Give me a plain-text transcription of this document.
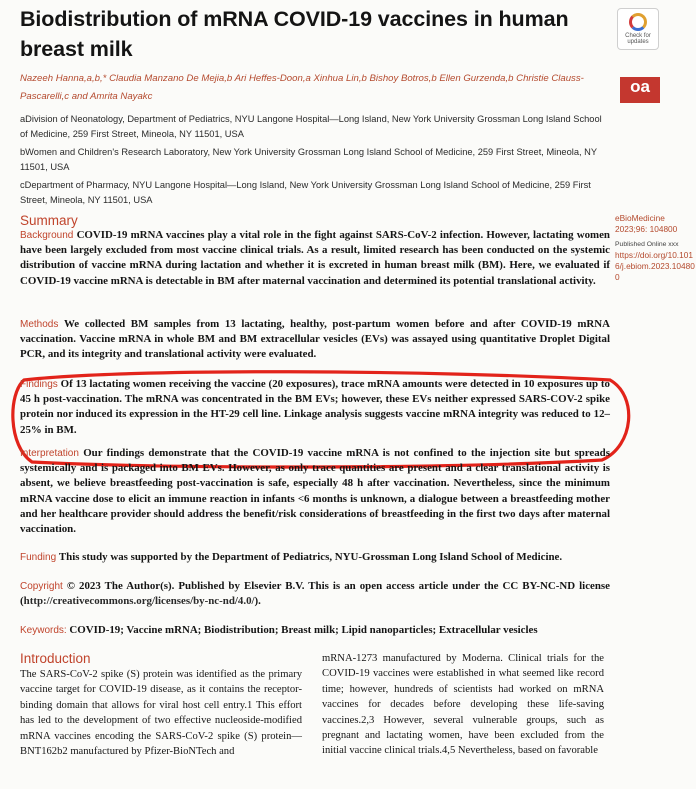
Biodistribution of mRNA COVID-19 vaccines in human breast milk
Check for updates
oa
Nazeeh Hanna,a,b,* Claudia Manzano De Mejia,b Ari Heffes-Doon,a Xinhua Lin,b Bishoy Botros,b Ellen Gurzenda,b Christie Clauss-Pascarelli,c and Amrita Nayakc

aDivision of Neonatology, Department of Pediatrics, NYU Langone Hospital—Long Island, New York University Grossman Long Island School of Medicine, 259 First Street, Mineola, NY 11501, USA

bWomen and Children's Research Laboratory, New York University Grossman Long Island School of Medicine, 259 First Street, Mineola, NY 11501, USA

cDepartment of Pharmacy, NYU Langone Hospital—Long Island, New York University Grossman Long Island School of Medicine, 259 First Street, Mineola, NY 11501, USA

eBioMedicine
2023;96: 104800
Published Online xxx
https://doi.org/10.1016/j.ebiom.2023.104800
Summary
Background COVID-19 mRNA vaccines play a vital role in the fight against SARS-CoV-2 infection. However, lactating women have been largely excluded from most vaccine clinical trials. As a result, limited research has been conducted on the systemic distribution of vaccine mRNA during lactation and whether it is excreted in human breast milk (BM). Here, we evaluated if COVID-19 vaccine mRNA is detectable in BM after maternal vaccination and determined its potential translational activity.
Methods We collected BM samples from 13 lactating, healthy, post-partum women before and after COVID-19 mRNA vaccination. Vaccine mRNA in whole BM and BM extracellular vesicles (EVs) was assayed using quantitative Droplet Digital PCR, and its integrity and translational activity were evaluated.
Findings Of 13 lactating women receiving the vaccine (20 exposures), trace mRNA amounts were detected in 10 exposures up to 45 h post-vaccination. The mRNA was concentrated in the BM EVs; however, these EVs neither expressed SARS-COV-2 spike protein nor induced its expression in the HT-29 cell line. Linkage analysis suggests vaccine mRNA integrity was reduced to 12–25% in BM.
Interpretation Our findings demonstrate that the COVID-19 vaccine mRNA is not confined to the injection site but spreads systemically and is packaged into BM EVs. However, as only trace quantities are present and a clear translational activity is absent, we believe breastfeeding post-vaccination is safe, especially 48 h after vaccination. Nevertheless, since the minimum mRNA vaccine dose to elicit an immune reaction in infants <6 months is unknown, a dialogue between a breastfeeding mother and her healthcare provider should address the benefit/risk considerations of breastfeeding in the first two days after maternal vaccination.
Funding This study was supported by the Department of Pediatrics, NYU-Grossman Long Island School of Medicine.
Copyright © 2023 The Author(s). Published by Elsevier B.V. This is an open access article under the CC BY-NC-ND license (http://creativecommons.org/licenses/by-nc-nd/4.0/).
Keywords: COVID-19; Vaccine mRNA; Biodistribution; Breast milk; Lipid nanoparticles; Extracellular vesicles
Introduction
The SARS-CoV-2 spike (S) protein was identified as the primary vaccine target for COVID-19 disease, as it contains the receptor-binding domain that allows for viral host cell entry.1 This effort has led to the development of two effective nucleoside-modified mRNA vaccines encoding the SARS-CoV-2 spike (S) protein—BNT162b2 manufactured by Pfizer-BioNTech and
mRNA-1273 manufactured by Moderna. Clinical trials for the COVID-19 vaccines were established in what seemed like record time; however, hundreds of scientists had worked on mRNA vaccines for decades before developing these life-saving vaccines.2,3 However, several vulnerable groups, such as pregnant and lactating women, have been excluded from the initial vaccine clinical trials.4,5 Nevertheless, based on favorable
